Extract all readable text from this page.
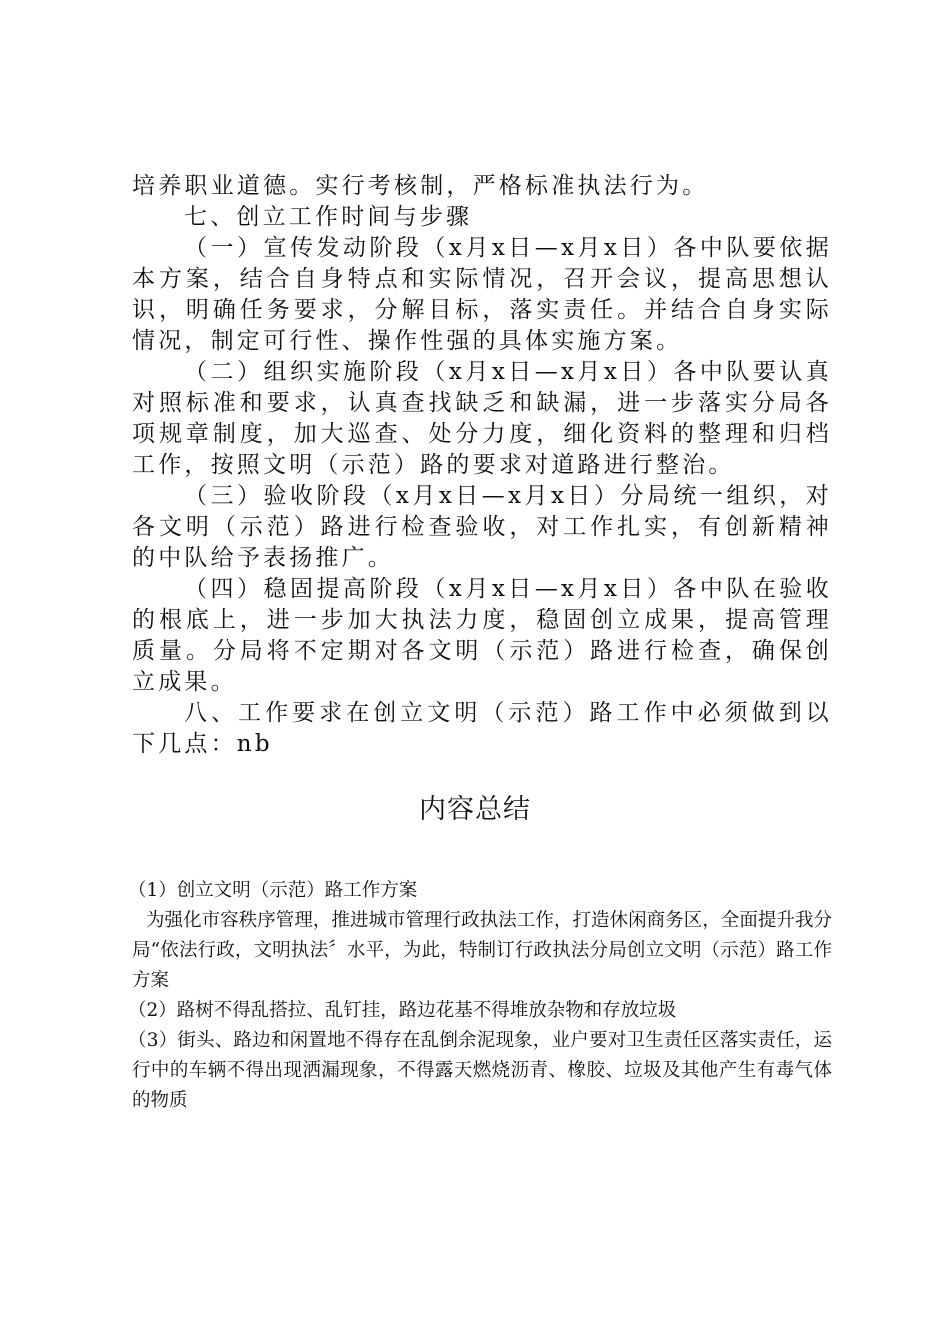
培养职业道德。实行考核制，严格标准执法行为。

七、创立工作时间与步骤

（一）宣传发动阶段（x月x日—x月x日）各中队要依据本方案，结合自身特点和实际情况，召开会议，提高思想认识，明确任务要求，分解目标，落实责任。并结合自身实际情况，制定可行性、操作性强的具体实施方案。

（二）组织实施阶段（x月x日—x月x日）各中队要认真对照标准和要求，认真查找缺乏和缺漏，进一步落实分局各项规章制度，加大巡查、处分力度，细化资料的整理和归档工作，按照文明（示范）路的要求对道路进行整治。

（三）验收阶段（x月x日—x月x日）分局统一组织，对各文明（示范）路进行检查验收，对工作扎实，有创新精神的中队给予表扬推广。

（四）稳固提高阶段（x月x日—x月x日）各中队在验收的根底上，进一步加大执法力度，稳固创立成果，提高管理质量。分局将不定期对各文明（示范）路进行检查，确保创立成果。

八、工作要求在创立文明（示范）路工作中必须做到以下几点：nb

内容总结

（1）创立文明（示范）路工作方案

为强化市容秩序管理，推进城市管理行政执法工作，打造休闲商务区，全面提升我分局“依法行政，文明执法〞水平，为此，特制订行政执法分局创立文明（示范）路工作方案

（2）路树不得乱搭拉、乱钉挂，路边花基不得堆放杂物和存放垃圾

（3）街头、路边和闲置地不得存在乱倒余泥现象，业户要对卫生责任区落实责任，运行中的车辆不得出现洒漏现象，不得露天燃烧沥青、橡胶、垃圾及其他产生有毒气体的物质
